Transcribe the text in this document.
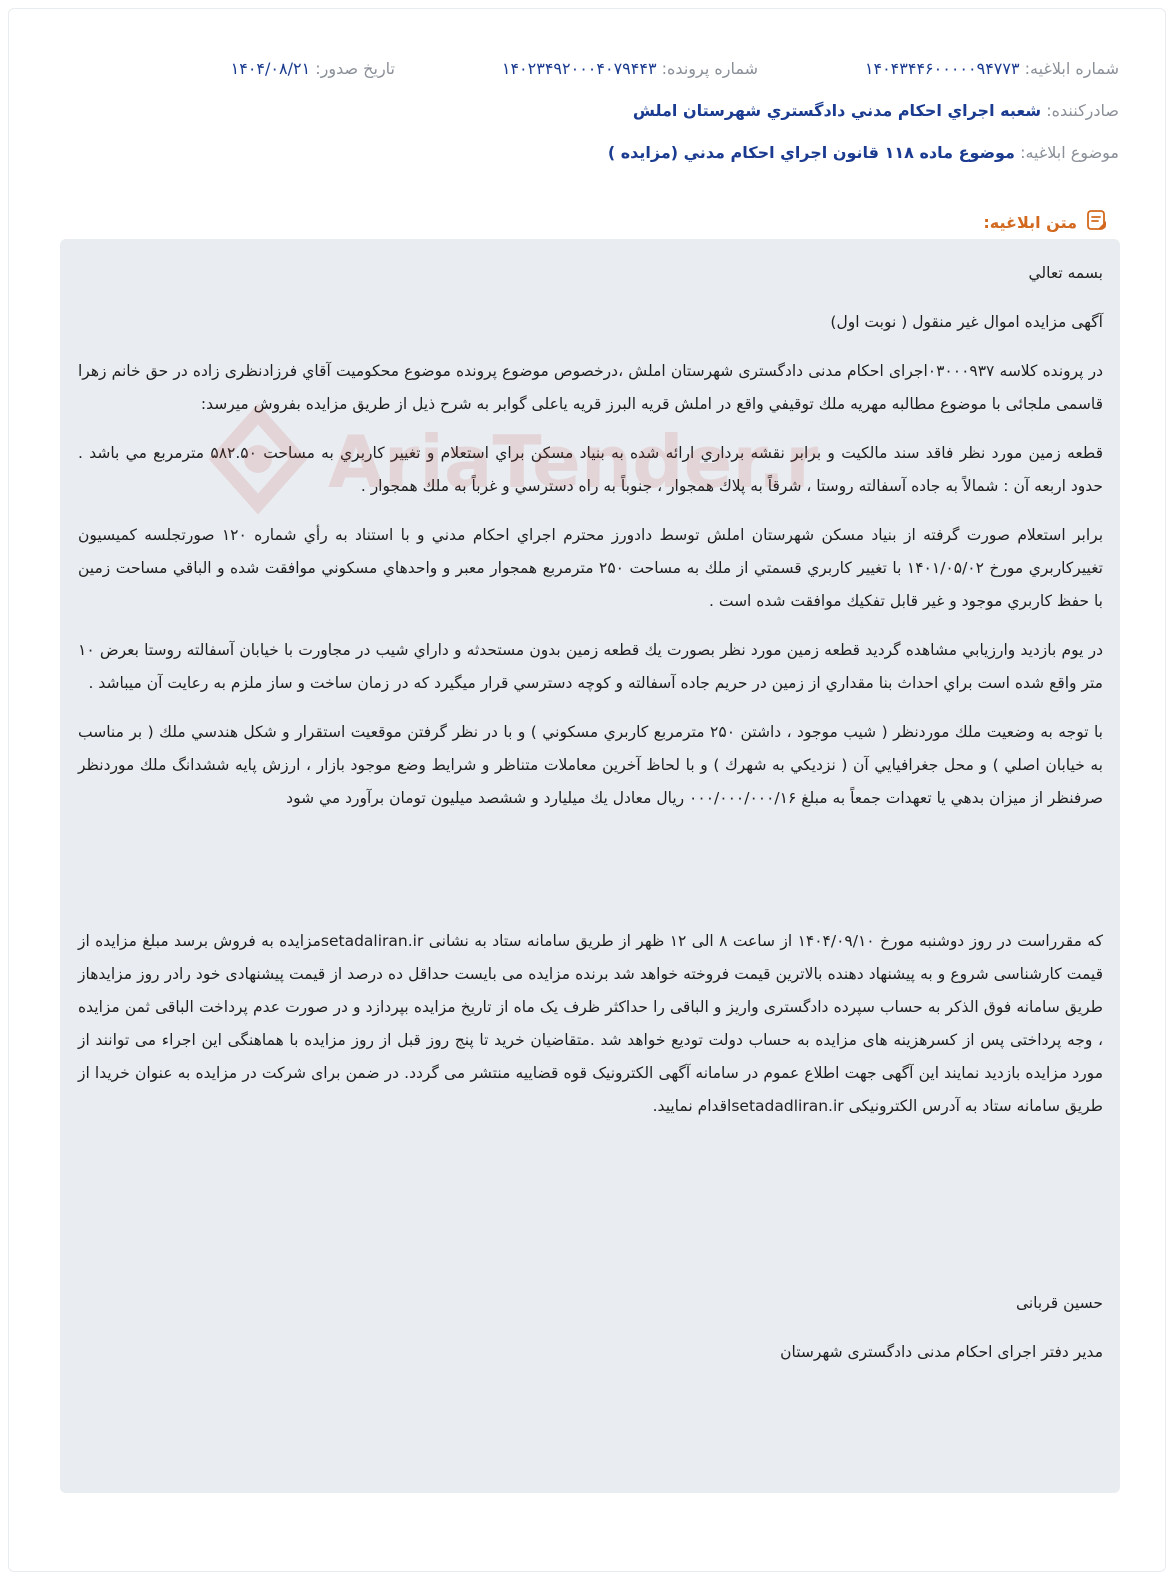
شماره ابلاغیه: ۱۴۰۴۳۴۴۶۰۰۰۰۰۹۴۷۷۳
شماره پرونده: ۱۴۰۲۳۴۹۲۰۰۰۴۰۷۹۴۴۳
تاریخ صدور: ۱۴۰۴/۰۸/۲۱
صادرکننده: شعبه اجراي احكام مدني دادگستري شهرستان املش
موضوع ابلاغیه: موضوع ماده ۱۱۸ قانون اجراي احكام مدني (مزايده )
متن ابلاغیه:

بسمه تعالي

آگهی مزایده اموال غیر منقول ( نوبت اول)

در پرونده کلاسه ۰۳۰۰۰۹۳۷اجرای احکام مدنی دادگستری شهرستان املش ،درخصوص موضوع پرونده موضوع محکوميت آقاي فرزادنظری زاده در حق خانم زهرا قاسمی ملجائی با موضوع مطالبه مهریه ملك توقيفي واقع در املش قريه البرز قريه ياعلی گوابر به شرح ذيل از طريق مزايده بفروش ميرسد:

قطعه زمين مورد نظر فاقد سند مالكيت و برابر نقشه برداري ارائه شده به بنياد مسكن براي استعلام و تغيير كاربري به مساحت ۵۸۲.۵۰ مترمربع مي باشد . حدود اربعه آن : شمالاً به جاده آسفالته روستا ، شرقاً به پلاك همجوار ، جنوباً به راه دسترسي و غرباً به ملك همجوار .

برابر استعلام صورت گرفته از بنياد مسكن شهرستان املش توسط دادورز محترم اجراي احكام مدني و با استناد به رأي شماره ۱۲۰ صورتجلسه كميسيون تغييركاربري مورخ ۱۴۰۱/۰۵/۰۲ با تغيير كاربري قسمتي از ملك به مساحت ۲۵۰ مترمربع همجوار معبر و واحدهاي مسكوني موافقت شده و الباقي مساحت زمين با حفظ كاربري موجود و غير قابل تفكيك موافقت شده است .

در يوم بازديد وارزيابي مشاهده گرديد قطعه زمين مورد نظر بصورت يك قطعه زمين بدون مستحدثه و داراي شيب در مجاورت با خيابان آسفالته روستا بعرض ۱۰ متر واقع شده است براي احداث بنا مقداري از زمين در حريم جاده آسفالته و كوچه دسترسي قرار ميگيرد كه در زمان ساخت و ساز ملزم به رعايت آن ميباشد .

با توجه به وضعيت ملك موردنظر ( شيب موجود ، داشتن ۲۵۰ مترمربع كاربري مسكوني ) و با در نظر گرفتن موقعيت استقرار و شكل هندسي ملك ( بر مناسب به خيابان اصلي ) و محل جغرافيايي آن ( نزديكي به شهرك ) و با لحاظ آخرين معاملات متناظر و شرايط وضع موجود بازار ، ارزش پايه ششدانگ ملك موردنظر صرفنظر از ميزان بدهي يا تعهدات جمعاً به مبلغ ۰۰۰/۰۰۰/۰۰۰/۱۶ ريال معادل يك ميليارد و ششصد ميليون تومان برآورد مي شود

که مقرراست در روز دوشنبه مورخ ۱۴۰۴/۰۹/۱۰ از ساعت ۸ الی ۱۲ ظهر از طریق سامانه ستاد به نشانی setadaliran.irمزایده به فروش برسد مبلغ مزایده از قیمت کارشناسی شروع و به پیشنهاد دهنده بالاترین قیمت فروخته خواهد شد برنده مزایده می بایست حداقل ده درصد از قیمت پیشنهادی خود رادر روز مزایدهاز طریق سامانه فوق الذکر به حساب سپرده دادگستری واریز و الباقی را حداکثر ظرف یک ماه از تاریخ مزایده بپردازد و در صورت عدم پرداخت الباقی ثمن مزایده ، وجه پرداختی پس از کسرهزینه های مزایده به حساب دولت تودیع خواهد شد .متقاضیان خرید تا پنج روز قبل از روز مزایده با هماهنگی این اجراء می توانند از مورد مزایده بازدید نمایند این آگهی جهت اطلاع عموم در سامانه آگهی الکترونیک قوه قضاییه منتشر می گردد. در ضمن برای شرکت در مزایده به عنوان خریدا از طریق سامانه ستاد به آدرس الکترونیکی setadadliran.irاقدام نمایید.

حسین قربانی

مدیر دفتر اجرای احکام مدنی دادگستری شهرستان

AriaTender.n
